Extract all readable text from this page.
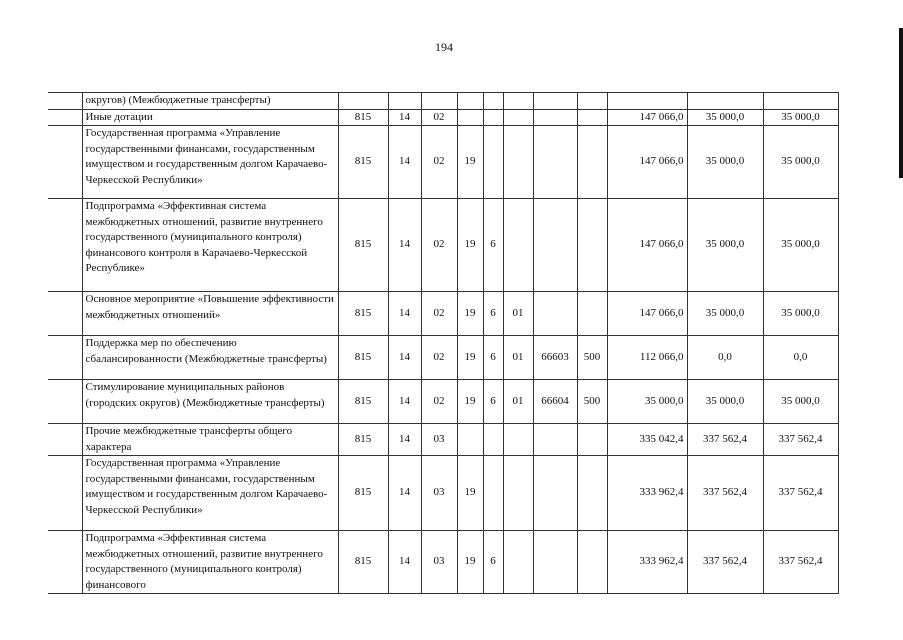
194
	округов) (Межбюджетные трансферты)											
	Иные дотации	815	14	02						147 066,0	35 000,0	35 000,0
	Государственная программа «Управление государственными финансами, государственным имуществом и государственным долгом Карачаево-Черкесской Республики»	815	14	02	19					147 066,0	35 000,0	35 000,0
	Подпрограмма «Эффективная система межбюджетных отношений, развитие внутреннего государственного (муниципального контроля) финансового контроля в Карачаево-Черкесской Республике»	815	14	02	19	6				147 066,0	35 000,0	35 000,0
	Основное мероприятие «Повышение эффективности межбюджетных отношений»	815	14	02	19	6	01			147 066,0	35 000,0	35 000,0
	Поддержка мер по обеспечению сбалансированности (Межбюджетные трансферты)	815	14	02	19	6	01	66603	500	112 066,0	0,0	0,0
	Стимулирование муниципальных районов (городских округов) (Межбюджетные трансферты)	815	14	02	19	6	01	66604	500	35 000,0	35 000,0	35 000,0
	Прочие межбюджетные трансферты общего характера	815	14	03						335 042,4	337 562,4	337 562,4
	Государственная программа «Управление государственными финансами, государственным имуществом и государственным долгом Карачаево-Черкесской Республики»	815	14	03	19					333 962,4	337 562,4	337 562,4
	Подпрограмма «Эффективная система межбюджетных отношений, развитие внутреннего государственного (муниципального контроля) финансового	815	14	03	19	6				333 962,4	337 562,4	337 562,4
